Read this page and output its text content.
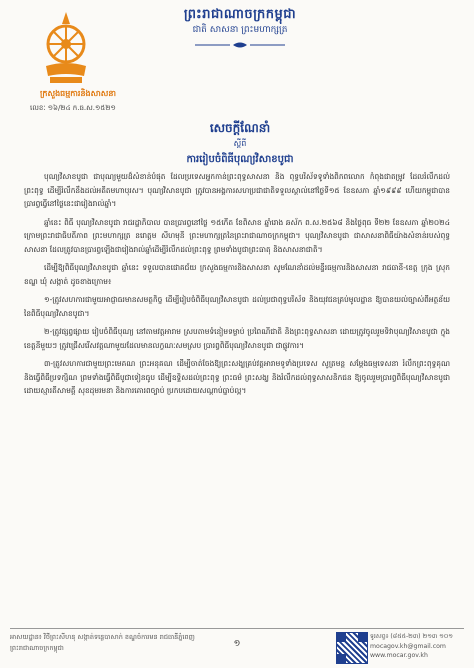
ព្រះរាជាណាចក្រកម្ពុជា
ជាតិ សាសនា ព្រះមហាក្សត្រ
ក្រសួងធម្មការនិងសាសនា
លេខៈ ១៦/២៤ ក.ធ.ស.១៥២១
សេចក្តីណែនាំ
ស្តីពី
ការរៀបចំពិធីបុណ្យវិសាខបូជា

បុណ្យវិសាខបូជា ជាបុណ្យមួយដ៏សំខាន់បំផុត ដែលប្រទេសអ្នកកាន់ព្រះពុទ្ធសាសនា និង ពុទ្ធបរិស័ទទូទាំងពិភពលោក កំពុងជាតម្រូវ ដែលរំលឹកដល់ព្រះពុទ្ធ ដើម្បីរំលឹកនឹងដល់អតីតមហាបុរស។ បុណ្យវិសាខបូជា ត្រូវបានអង្គការសហប្រជាជាតិទទួលស្គាល់នៅថ្ងៃទី១៥ ខែឧសភា ឆ្នាំ១៩៩៩ ហើយកម្ពុជាបានប្រារព្ធធ្វើនៅថ្ងៃនេះជារៀងរាល់ឆ្នាំ។

ឆ្នាំនេះ ពិធី បុណ្យវិសាខបូជា រាជរដ្ឋាភិបាល បានប្រារព្ធនៅថ្ងៃ ១៥កើត ខែពិសាខ ឆ្នាំរោង ឆស័ក ព.ស.២៥៦៨ និងថ្ងៃពុធ ទី២២ ខែឧសភា ឆ្នាំ២០២៤ ក្រោមព្រះរាជាធិបតីភាព ព្រះមហាក្សត្រ នរោត្តម សីហមុនី ព្រះមហាក្សត្រនៃព្រះរាជាណាចក្រកម្ពុជា។ បុណ្យវិសាខបូជា ជាសាសនាពិធីយ៉ាងសំខាន់របស់ពុទ្ធសាសនា ដែលត្រូវបានប្រារព្ធឡើងជារៀងរាល់ឆ្នាំដើម្បីរំលឹកដល់ព្រះពុទ្ធ ព្រមទាំងបូជាព្រះធាតុ និងសាសនាជាតិ។

ដើម្បីឱ្យពិធីបុណ្យវិសាខបូជា ឆ្នាំនេះ ទទួលបានជោគជ័យ ក្រសួងធម្មការនិងសាសនា សូមណែនាំដល់មន្ទីរធម្មការនិងសាសនា រាជធានី-ខេត្ត ក្រុង ស្រុក ខណ្ឌ ឃុំ សង្កាត់ ដូចខាងក្រោម៖

១-ត្រូវសហការជាមួយអាជ្ញាធរមានសមត្ថកិច្ច ដើម្បីរៀបចំពិធីបុណ្យវិសាខបូជា ដល់ប្រជាពុទ្ធបរិស័ទ និងយុវជនគ្រប់មូលដ្ឋាន ឱ្យបានយល់ច្បាស់ពីអត្ថន័យនៃពិធីបុណ្យវិសាខបូជា។

២-ត្រូវផ្សព្វផ្សាយ រៀបចំពិធីបុណ្យ នៅតាមវត្តអារាម ស្របតាមទំនៀមទម្លាប់ ប្រពៃណីជាតិ និងព្រះពុទ្ធសាសនា ដោយត្រូវចូលរួមទិវាបុណ្យវិសាខបូជា ក្នុងខេត្តនីមួយៗ ត្រូវជ្រើសរើសវត្តណាមួយដែលមានលក្ខណៈសមស្រប ប្រារព្ធពិធីបុណ្យវិសាខបូជា ជាផ្លូវការ។

៣-ត្រូវសហការជាមួយព្រះមេគណ ព្រះអនុគណ ដើម្បីចាត់ចែងឱ្យព្រះសង្ឃគ្រប់វត្តអារាមទូទាំងប្រទេស សូត្រមន្ត សម្តែងធម្មទេសនា រំលឹកព្រះពុទ្ធគុណ និងធ្វើពិធីប្រទក្សិណ ព្រមទាំងធ្វើពិធីបូជាទៀនធូប ដើម្បីឧទ្ទិសដល់ព្រះពុទ្ធ ព្រះធម៌ ព្រះសង្ឃ និងរំលឹកដល់ពុទ្ធសាសនិកជន ឱ្យចូលរួមប្រារព្ធពិធីបុណ្យវិសាខបូជា ដោយស្មារតីសាមគ្គី សុខដុមរមនា និងការគោរពច្បាប់ ប្រកបដោយសណ្តាប់ធ្នាប់ល្អ។

អាសយដ្ឋាន៖ វិថីព្រះសីហនុ សង្កាត់ទន្លេបាសាក់ ខណ្ឌចំការមន រាជធានីភ្នំពេញ ព្រះរាជាណាចក្រកម្ពុជា	១
ទូរសព្ទ៖ (៨៥៥-២៣) ២១៣ ១០១
mocagov.kh@gmail.com
www.mocar.gov.kh
